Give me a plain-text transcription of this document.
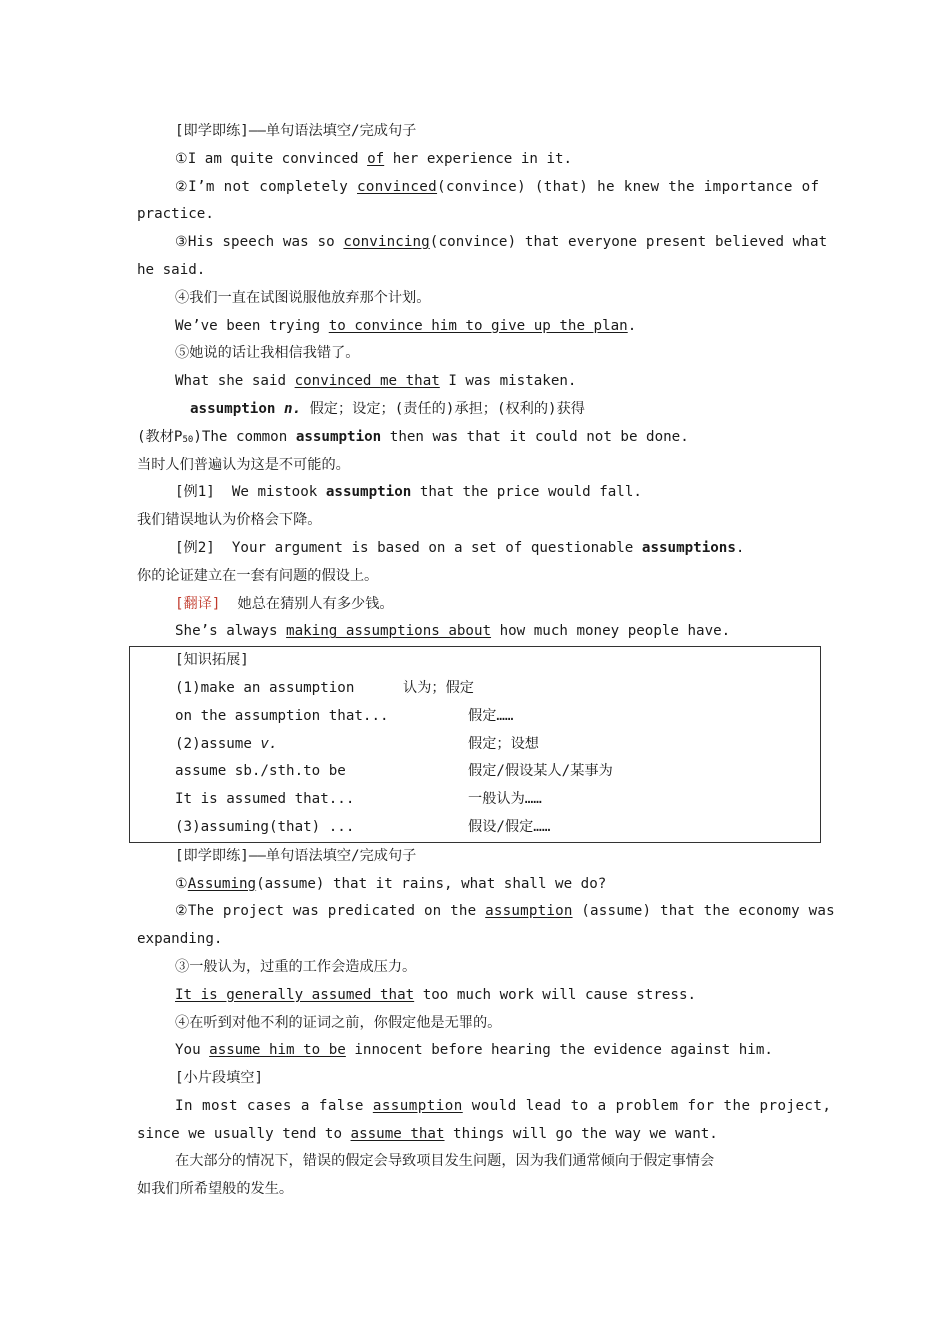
[即学即练]——单句语法填空/完成句子
①I am quite convinced of her experience in it.
②I’m not completely convinced(convince) (that) he knew the importance of
practice.
③His speech was so convincing(convince) that everyone present believed what
he said.
④我们一直在试图说服他放弃那个计划。
We’ve been trying to convince him to give up the plan.
⑤她说的话让我相信我错了。
What she said convinced me that I was mistaken.
assumption n. 假定；设定；(责任的)承担；(权利的)获得
(教材$P_{50})The$ common assumption then was that it could not be done.
当时人们普遍认为这是不可能的。
[例1]  We mistook assumption that the price would fall.
我们错误地认为价格会下降。
[例2]  Your argument is based on a set of questionable assumptions.
你的论证建立在一套有问题的假设上。
[翻译]  她总在猜别人有多少钱。
She’s always making assumptions about how much money people have.
[知识拓展]
(1)make an assumption	认为；假定
on the assumption that...	假定……
(2)assume v.	假定；设想
assume sb./sth.to be	假定/假设某人/某事为
It is assumed that...	一般认为……
(3)assuming(that) ...	假设/假定……
[即学即练]——单句语法填空/完成句子
①Assuming(assume) that it rains, what shall we do?
②The project was predicated on the assumption (assume) that the economy was
expanding.
③一般认为，过重的工作会造成压力。
It is generally assumed that too much work will cause stress.
④在听到对他不利的证词之前，你假定他是无罪的。
You assume him to be innocent before hearing the evidence against him.
[小片段填空]
In most cases a false assumption would lead to a problem for the project,
since we usually tend to assume that things will go the way we want.
在大部分的情况下，错误的假定会导致项目发生问题，因为我们通常倾向于假定事情会
如我们所希望般的发生。
